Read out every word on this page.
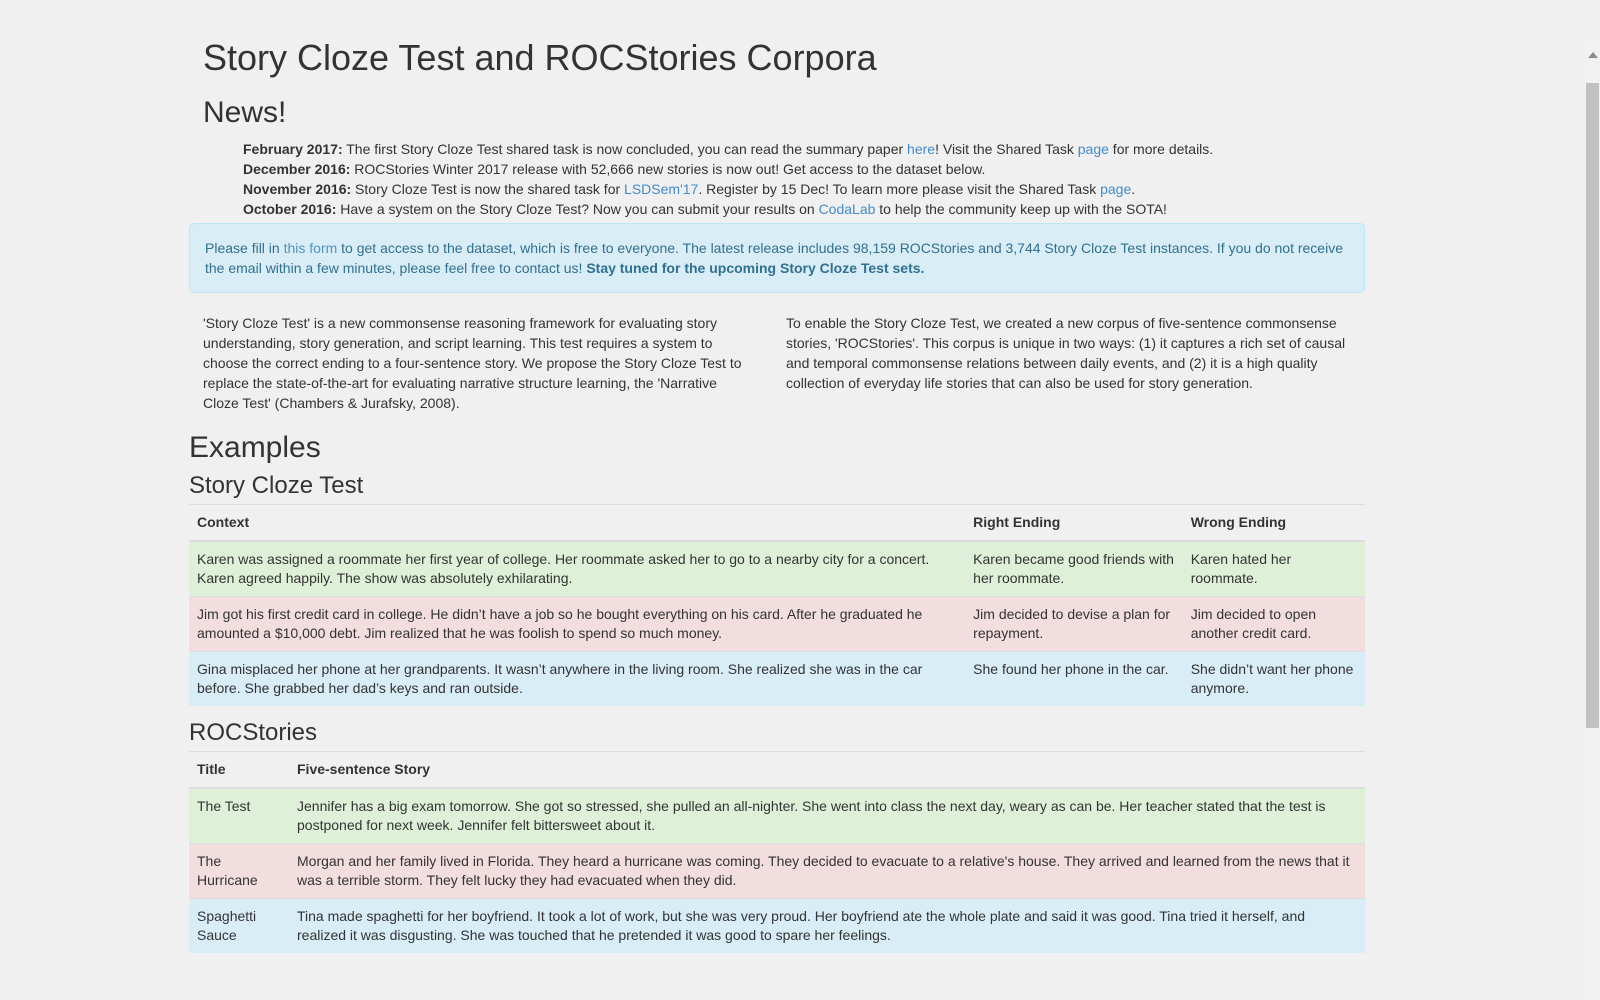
Story Cloze Test and ROCStories Corpora
News!
February 2017: The first Story Cloze Test shared task is now concluded, you can read the summary paper here! Visit the Shared Task page for more details.
December 2016: ROCStories Winter 2017 release with 52,666 new stories is now out! Get access to the dataset below.
November 2016: Story Cloze Test is now the shared task for LSDSem'17. Register by 15 Dec! To learn more please visit the Shared Task page.
October 2016: Have a system on the Story Cloze Test? Now you can submit your results on CodaLab to help the community keep up with the SOTA!
Please fill in this form to get access to the dataset, which is free to everyone. The latest release includes 98,159 ROCStories and 3,744 Story Cloze Test instances. If you do not receive the email within a few minutes, please feel free to contact us! Stay tuned for the upcoming Story Cloze Test sets.

'Story Cloze Test' is a new commonsense reasoning framework for evaluating story understanding, story generation, and script learning. This test requires a system to choose the correct ending to a four-sentence story. We propose the Story Cloze Test to replace the state-of-the-art for evaluating narrative structure learning, the 'Narrative Cloze Test' (Chambers & Jurafsky, 2008).

To enable the Story Cloze Test, we created a new corpus of five-sentence commonsense stories, 'ROCStories'. This corpus is unique in two ways: (1) it captures a rich set of causal and temporal commonsense relations between daily events, and (2) it is a high quality collection of everyday life stories that can also be used for story generation.

Examples
Story Cloze Test
Context	Right Ending	Wrong Ending
Karen was assigned a roommate her first year of college. Her roommate asked her to go to a nearby city for a concert. Karen agreed happily. The show was absolutely exhilarating.	Karen became good friends with her roommate.	Karen hated her roommate.
Jim got his first credit card in college. He didn’t have a job so he bought everything on his card. After he graduated he amounted a $10,000 debt. Jim realized that he was foolish to spend so much money.	Jim decided to devise a plan for repayment.	Jim decided to open another credit card.
Gina misplaced her phone at her grandparents. It wasn’t anywhere in the living room. She realized she was in the car before. She grabbed her dad’s keys and ran outside.	She found her phone in the car.	She didn’t want her phone anymore.
ROCStories
Title	Five-sentence Story
The Test	Jennifer has a big exam tomorrow. She got so stressed, she pulled an all-nighter. She went into class the next day, weary as can be. Her teacher stated that the test is postponed for next week. Jennifer felt bittersweet about it.
The Hurricane	Morgan and her family lived in Florida. They heard a hurricane was coming. They decided to evacuate to a relative's house. They arrived and learned from the news that it was a terrible storm. They felt lucky they had evacuated when they did.
Spaghetti Sauce	Tina made spaghetti for her boyfriend. It took a lot of work, but she was very proud. Her boyfriend ate the whole plate and said it was good. Tina tried it herself, and realized it was disgusting. She was touched that he pretended it was good to spare her feelings.
